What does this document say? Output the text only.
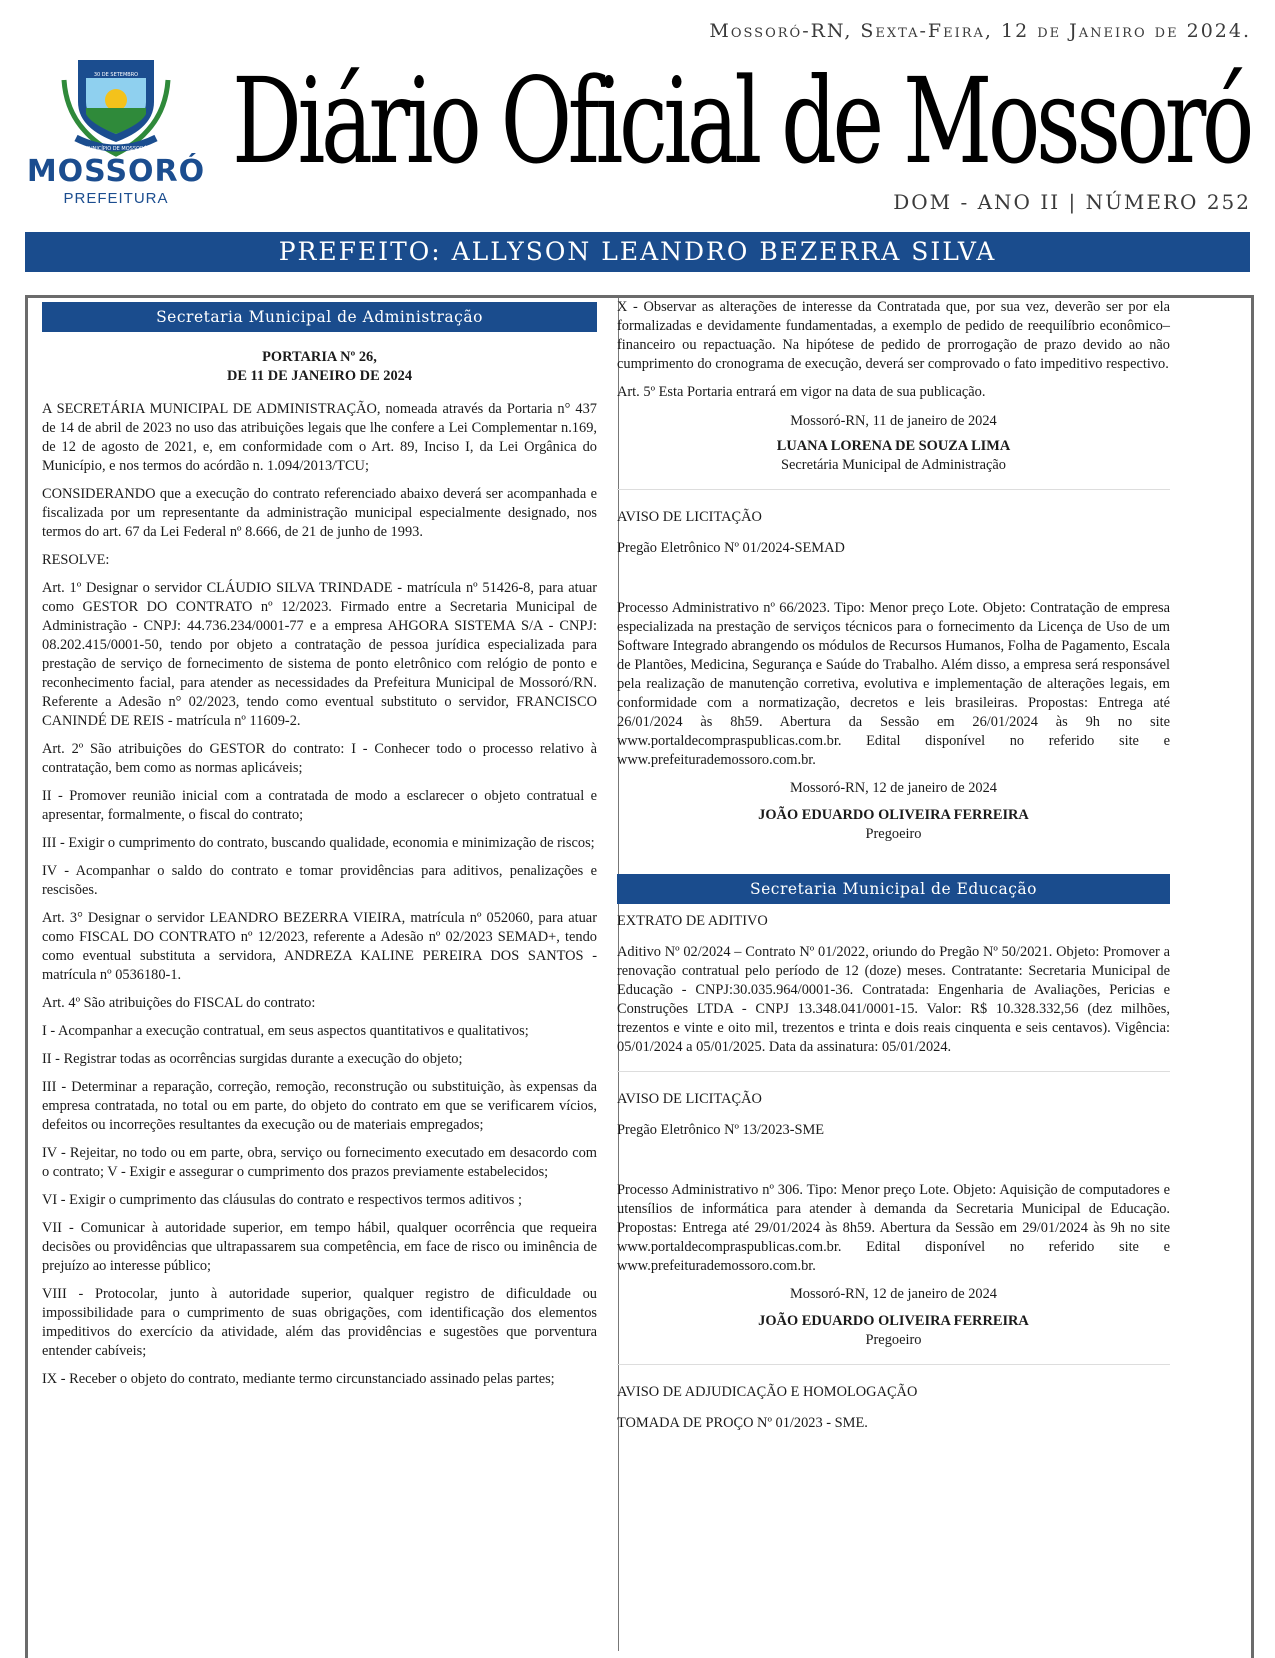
Mossoró-RN, Sexta-Feira, 12 de Janeiro de 2024.
30 DE SETEMBRO
MUNICÍPIO DE MOSSORÓ
MOSSORÓ
PREFEITURA
Diário Oficial de Mossoró
DOM - ANO II | NÚMERO 252
PREFEITO: ALLYSON LEANDRO BEZERRA SILVA
Secretaria Municipal de Administração
PORTARIA Nº 26,
DE 11 DE JANEIRO DE 2024

A SECRETÁRIA MUNICIPAL DE ADMINISTRAÇÃO, nomeada através da Portaria n° 437 de 14 de abril de 2023 no uso das atribuições legais que lhe confere a Lei Complementar n.169, de 12 de agosto de 2021, e, em conformidade com o Art. 89, Inciso I, da Lei Orgânica do Município, e nos termos do acórdão n. 1.094/2013/TCU;

CONSIDERANDO que a execução do contrato referenciado abaixo deverá ser acompanhada e fiscalizada por um representante da administração municipal especialmente designado, nos termos do art. 67 da Lei Federal nº 8.666, de 21 de junho de 1993.

RESOLVE:

Art. 1º Designar o servidor CLÁUDIO SILVA TRINDADE - matrícula nº 51426-8, para atuar como GESTOR DO CONTRATO nº 12/2023. Firmado entre a Secretaria Municipal de Administração - CNPJ: 44.736.234/0001-77 e a empresa AHGORA SISTEMA S/A - CNPJ: 08.202.415/0001-50, tendo por objeto a contratação de pessoa jurídica especializada para prestação de serviço de fornecimento de sistema de ponto eletrônico com relógio de ponto e reconhecimento facial, para atender as necessidades da Prefeitura Municipal de Mossoró/RN. Referente a Adesão n° 02/2023, tendo como eventual substituto o servidor, FRANCISCO CANINDÉ DE REIS - matrícula nº 11609-2.

Art. 2º São atribuições do GESTOR do contrato: I - Conhecer todo o processo relativo à contratação, bem como as normas aplicáveis;

II - Promover reunião inicial com a contratada de modo a esclarecer o objeto contratual e apresentar, formalmente, o fiscal do contrato;

III - Exigir o cumprimento do contrato, buscando qualidade, economia e minimização de riscos;

IV - Acompanhar o saldo do contrato e tomar providências para aditivos, penalizações e rescisões.

Art. 3° Designar o servidor LEANDRO BEZERRA VIEIRA, matrícula nº 052060, para atuar como FISCAL DO CONTRATO nº 12/2023, referente a Adesão nº 02/2023 SEMAD+, tendo como eventual substituta a servidora, ANDREZA KALINE PEREIRA DOS SANTOS - matrícula nº 0536180-1.

Art. 4º São atribuições do FISCAL do contrato:

I - Acompanhar a execução contratual, em seus aspectos quantitativos e qualitativos;

II - Registrar todas as ocorrências surgidas durante a execução do objeto;

III - Determinar a reparação, correção, remoção, reconstrução ou substituição, às expensas da empresa contratada, no total ou em parte, do objeto do contrato em que se verificarem vícios, defeitos ou incorreções resultantes da execução ou de materiais empregados;

IV - Rejeitar, no todo ou em parte, obra, serviço ou fornecimento executado em desacordo com o contrato; V - Exigir e assegurar o cumprimento dos prazos previamente estabelecidos;

VI - Exigir o cumprimento das cláusulas do contrato e respectivos termos aditivos ;

VII - Comunicar à autoridade superior, em tempo hábil, qualquer ocorrência que requeira decisões ou providências que ultrapassarem sua competência, em face de risco ou iminência de prejuízo ao interesse público;

VIII - Protocolar, junto à autoridade superior, qualquer registro de dificuldade ou impossibilidade para o cumprimento de suas obrigações, com identificação dos elementos impeditivos do exercício da atividade, além das providências e sugestões que porventura entender cabíveis;

IX - Receber o objeto do contrato, mediante termo circunstanciado assinado pelas partes;

X - Observar as alterações de interesse da Contratada que, por sua vez, deverão ser por ela formalizadas e devidamente fundamentadas, a exemplo de pedido de reequilíbrio econômico–financeiro ou repactuação. Na hipótese de pedido de prorrogação de prazo devido ao não cumprimento do cronograma de execução, deverá ser comprovado o fato impeditivo respectivo.

Art. 5º Esta Portaria entrará em vigor na data de sua publicação.

Mossoró-RN, 11 de janeiro de 2024
LUANA LORENA DE SOUZA LIMA
Secretária Municipal de Administração

AVISO DE LICITAÇÃO

Pregão Eletrônico Nº 01/2024-SEMAD

Processo Administrativo nº 66/2023. Tipo: Menor preço Lote. Objeto: Contratação de empresa especializada na prestação de serviços técnicos para o fornecimento da Licença de Uso de um Software Integrado abrangendo os módulos de Recursos Humanos, Folha de Pagamento, Escala de Plantões, Medicina, Segurança e Saúde do Trabalho. Além disso, a empresa será responsável pela realização de manutenção corretiva, evolutiva e implementação de alterações legais, em conformidade com a normatização, decretos e leis brasileiras. Propostas: Entrega até 26/01/2024 às 8h59. Abertura da Sessão em 26/01/2024 às 9h no site www.portaldecompraspublicas.com.br. Edital disponível no referido site e www.prefeiturademossoro.com.br.

Mossoró-RN, 12 de janeiro de 2024
JOÃO EDUARDO OLIVEIRA FERREIRA
Pregoeiro
Secretaria Municipal de Educação

EXTRATO DE ADITIVO

Aditivo Nº 02/2024 – Contrato Nº 01/2022, oriundo do Pregão Nº 50/2021. Objeto: Promover a renovação contratual pelo período de 12 (doze) meses. Contratante: Secretaria Municipal de Educação - CNPJ:30.035.964/0001-36. Contratada: Engenharia de Avaliações, Pericias e Construções LTDA - CNPJ 13.348.041/0001-15. Valor: R$ 10.328.332,56 (dez milhões, trezentos e vinte e oito mil, trezentos e trinta e dois reais cinquenta e seis centavos). Vigência: 05/01/2024 a 05/01/2025. Data da assinatura: 05/01/2024.

AVISO DE LICITAÇÃO

Pregão Eletrônico Nº 13/2023-SME

Processo Administrativo nº 306. Tipo: Menor preço Lote. Objeto: Aquisição de computadores e utensílios de informática para atender à demanda da Secretaria Municipal de Educação. Propostas: Entrega até 29/01/2024 às 8h59. Abertura da Sessão em 29/01/2024 às 9h no site www.portaldecompraspublicas.com.br. Edital disponível no referido site e www.prefeiturademossoro.com.br.

Mossoró-RN, 12 de janeiro de 2024
JOÃO EDUARDO OLIVEIRA FERREIRA
Pregoeiro

AVISO DE ADJUDICAÇÃO E HOMOLOGAÇÃO

TOMADA DE PROÇO Nº 01/2023 - SME.
